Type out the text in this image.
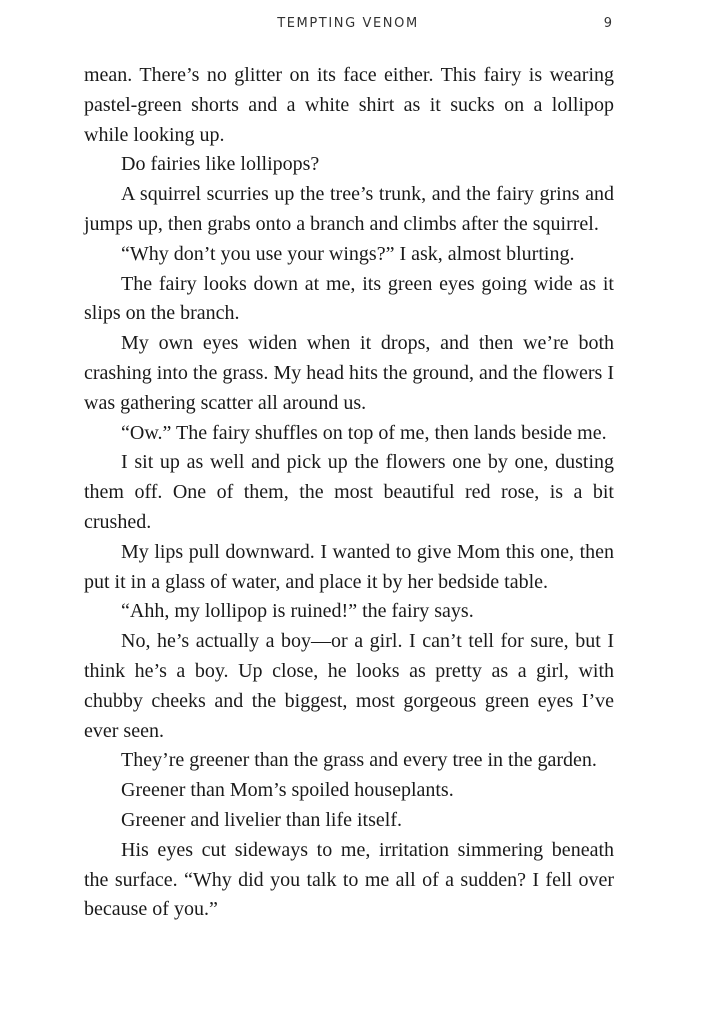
TEMPTING VENOM	9

mean. There’s no glitter on its face either. This fairy is wearing pastel-green shorts and a white shirt as it sucks on a lollipop while looking up.

Do fairies like lollipops?

A squirrel scurries up the tree’s trunk, and the fairy grins and jumps up, then grabs onto a branch and climbs after the squirrel.

“Why don’t you use your wings?” I ask, almost blurting.

The fairy looks down at me, its green eyes going wide as it slips on the branch.

My own eyes widen when it drops, and then we’re both crashing into the grass. My head hits the ground, and the flowers I was gathering scatter all around us.

“Ow.” The fairy shuffles on top of me, then lands beside me.

I sit up as well and pick up the flowers one by one, dusting them off. One of them, the most beautiful red rose, is a bit crushed.

My lips pull downward. I wanted to give Mom this one, then put it in a glass of water, and place it by her bedside table.

“Ahh, my lollipop is ruined!” the fairy says.

No, he’s actually a boy—or a girl. I can’t tell for sure, but I think he’s a boy. Up close, he looks as pretty as a girl, with chubby cheeks and the biggest, most gorgeous green eyes I’ve ever seen.

They’re greener than the grass and every tree in the garden.

Greener than Mom’s spoiled houseplants.

Greener and livelier than life itself.

His eyes cut sideways to me, irritation simmering beneath the surface. “Why did you talk to me all of a sudden? I fell over because of you.”
